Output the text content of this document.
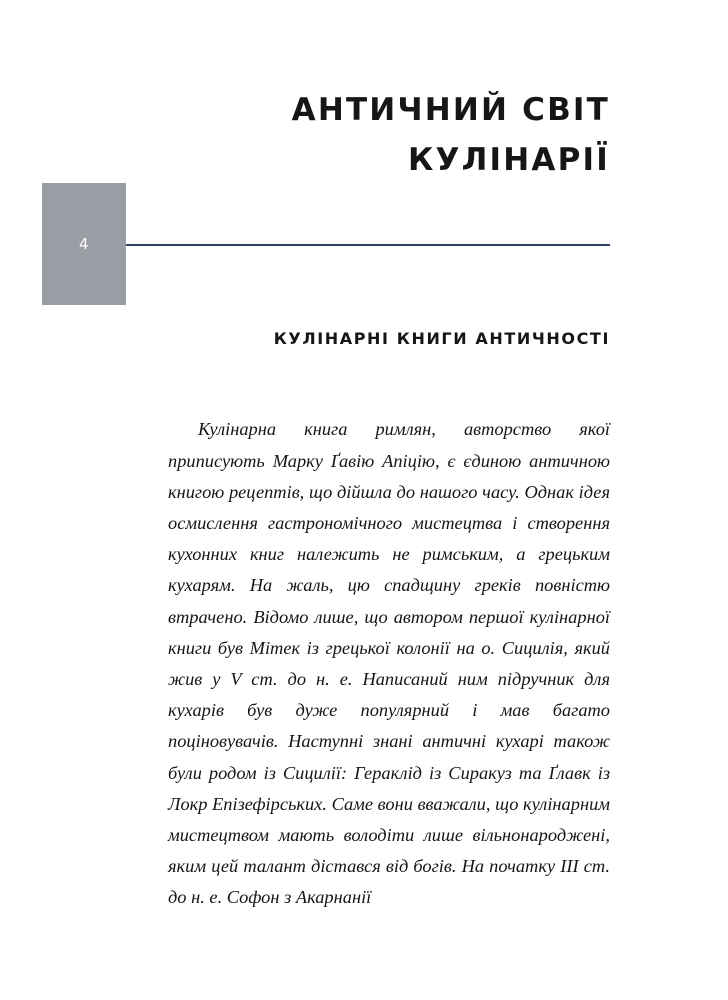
АНТИЧНИЙ СВІТ
КУЛІНАРІЇ
4
КУЛІНАРНІ КНИГИ АНТИЧНОСТІ

Кулінарна книга римлян, авторство якої приписують Марку Ґавію Апіцію, є єдиною античною книгою рецептів, що дійшла до нашого часу. Однак ідея осмислення гастрономічного мистецтва і створення кухонних книг належить не римським, а грецьким кухарям. На жаль, цю спадщину греків повністю втрачено. Відомо лише, що автором першої кулінарної книги був Мітек із грецької колонії на о. Сицилія, який жив у V ст. до н. е. Написаний ним підручник для кухарів був дуже популярний і мав багато поціновувачів. Наступні знані античні кухарі також були родом із Сицилії: Гераклід із Сиракуз та Ґлавк із Локр Епізефірських. Саме вони вважали, що кулінарним мистецтвом мають володіти лише вільнонароджені, яким цей талант дістався від богів. На початку III ст. до н. е. Софон з Акарнанії
